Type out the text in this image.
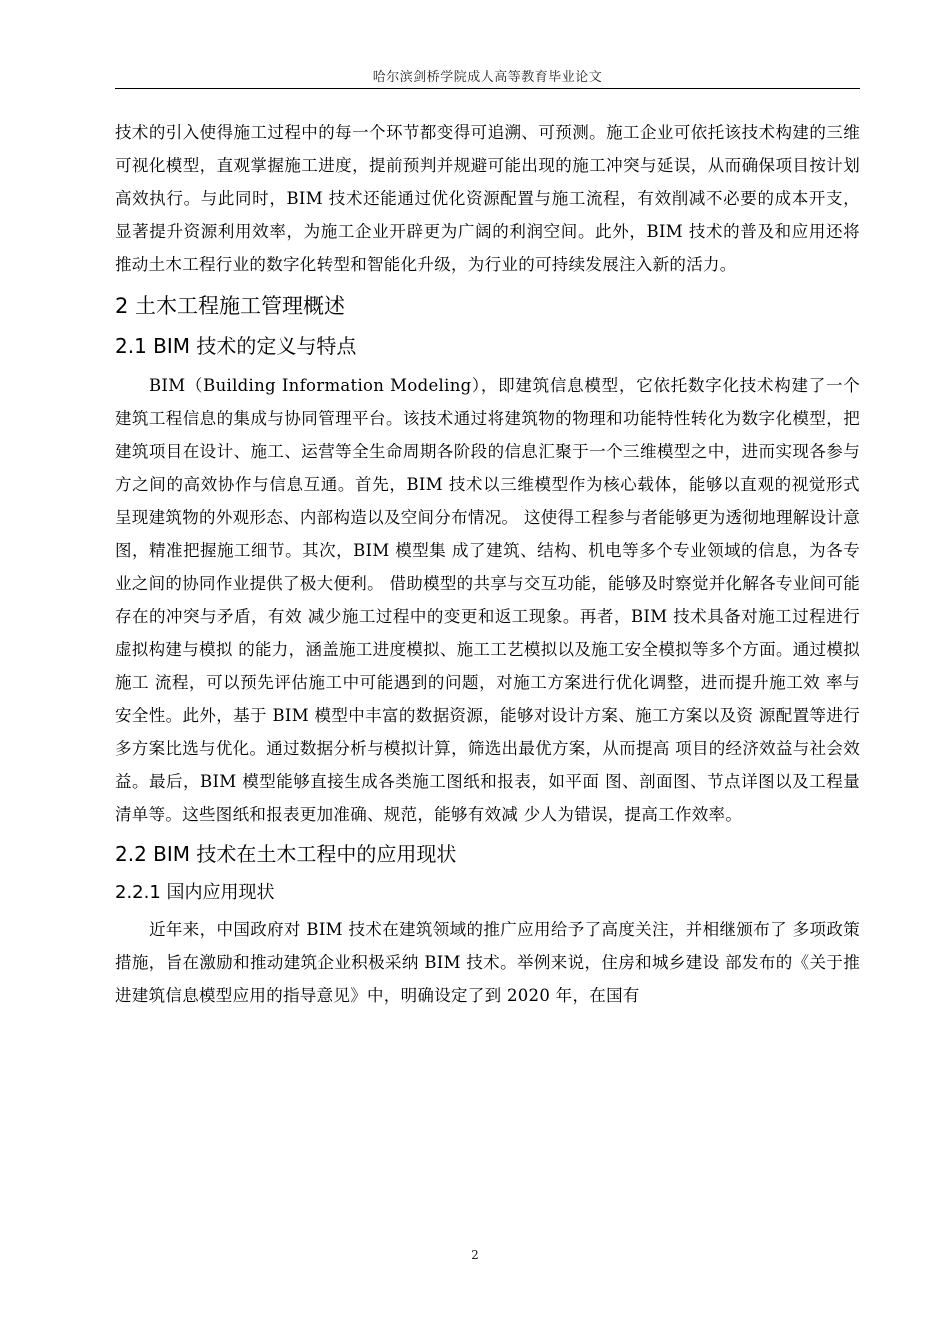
哈尔滨剑桥学院成人高等教育毕业论文

技术的引入使得施工过程中的每一个环节都变得可追溯、可预测。施工企业可依托该技术构建的三维可视化模型，直观掌握施工进度，提前预判并规避可能出现的施工冲突与延误，从而确保项目按计划高效执行。与此同时，BIM 技术还能通过优化资源配置与施工流程，有效削减不必要的成本开支，显著提升资源利用效率，为施工企业开辟更为广阔的利润空间。此外，BIM 技术的普及和应用还将推动土木工程行业的数字化转型和智能化升级，为行业的可持续发展注入新的活力。

2 土木工程施工管理概述
2.1 BIM 技术的定义与特点

BIM（Building Information Modeling），即建筑信息模型，它依托数字化技术构建了一个建筑工程信息的集成与协同管理平台。该技术通过将建筑物的物理和功能特性转化为数字化模型，把建筑项目在设计、施工、运营等全生命周期各阶段的信息汇聚于一个三维模型之中，进而实现各参与方之间的高效协作与信息互通。首先，BIM 技术以三维模型作为核心载体，能够以直观的视觉形式呈现建筑物的外观形态、内部构造以及空间分布情况。 这使得工程参与者能够更为透彻地理解设计意图，精准把握施工细节。其次，BIM 模型集 成了建筑、结构、机电等多个专业领域的信息，为各专业之间的协同作业提供了极大便利。 借助模型的共享与交互功能，能够及时察觉并化解各专业间可能存在的冲突与矛盾，有效 减少施工过程中的变更和返工现象。再者，BIM 技术具备对施工过程进行虚拟构建与模拟 的能力，涵盖施工进度模拟、施工工艺模拟以及施工安全模拟等多个方面。通过模拟施工 流程，可以预先评估施工中可能遇到的问题，对施工方案进行优化调整，进而提升施工效 率与安全性。此外，基于 BIM 模型中丰富的数据资源，能够对设计方案、施工方案以及资 源配置等进行多方案比选与优化。通过数据分析与模拟计算，筛选出最优方案，从而提高 项目的经济效益与社会效益。最后，BIM 模型能够直接生成各类施工图纸和报表，如平面 图、剖面图、节点详图以及工程量清单等。这些图纸和报表更加准确、规范，能够有效减 少人为错误，提高工作效率。

2.2 BIM 技术在土木工程中的应用现状
2.2.1 国内应用现状

近年来，中国政府对 BIM 技术在建筑领域的推广应用给予了高度关注，并相继颁布了 多项政策措施，旨在激励和推动建筑企业积极采纳 BIM 技术。举例来说，住房和城乡建设 部发布的《关于推进建筑信息模型应用的指导意见》中，明确设定了到 2020 年，在国有

2
